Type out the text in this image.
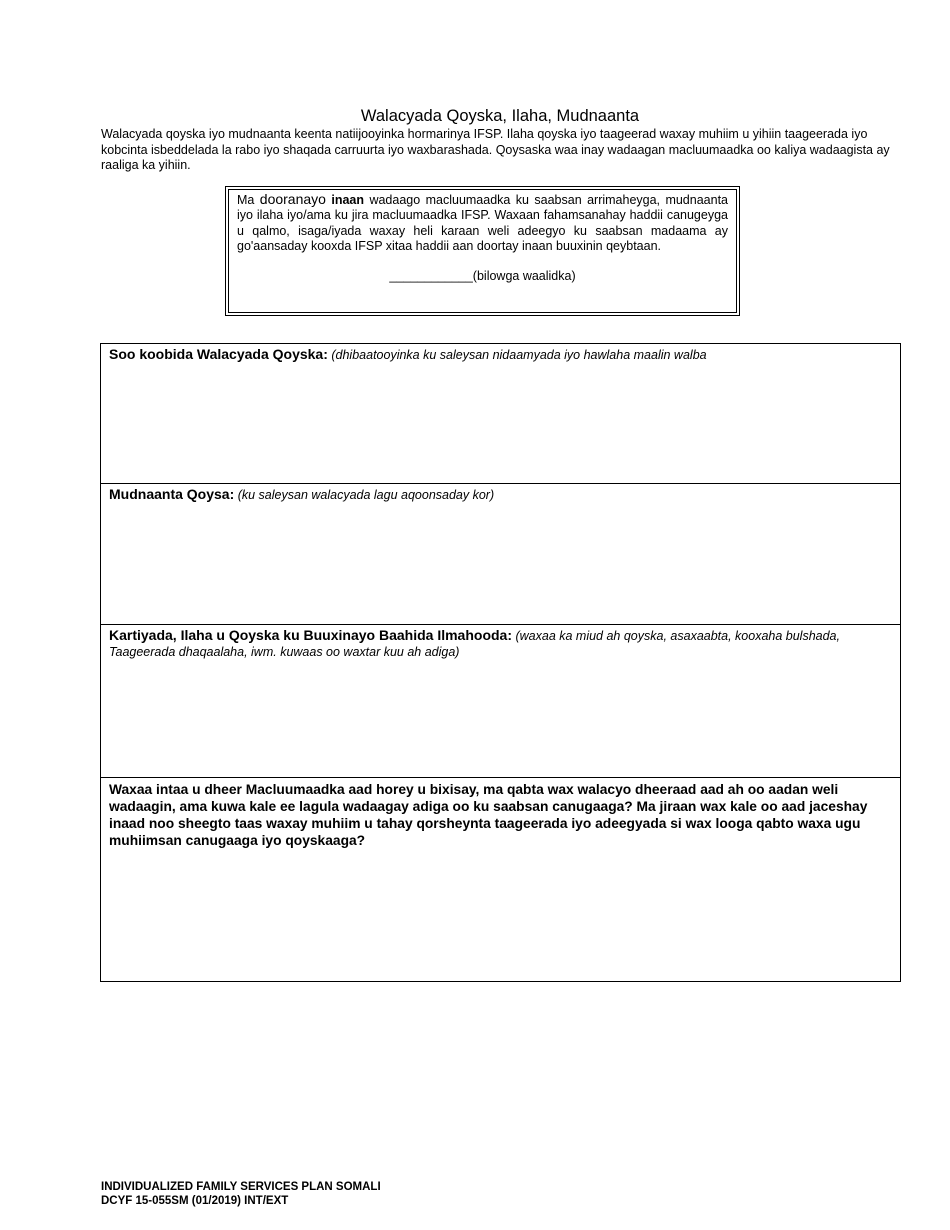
Walacyada Qoyska, Ilaha, Mudnaanta
Walacyada qoyska iyo mudnaanta keenta natiijooyinka hormarinya IFSP. Ilaha qoyska iyo taageerad waxay muhiim u yihiin taageerada iyo kobcinta isbeddelada la rabo iyo shaqada carruurta iyo waxbarashada. Qoysaska waa inay wadaagan macluumaadka oo kaliya wadaagista ay raaliga ka yihiin.

Ma dooranayo inaan wadaago macluumaadka ku saabsan arrimaheyga, mudnaanta iyo ilaha iyo/ama ku jira macluumaadka IFSP. Waxaan fahamsanahay haddii canugeyga u qalmo, isaga/iyada waxay heli karaan weli adeegyo ku saabsan madaama ay go'aansaday kooxda IFSP xitaa haddii aan doortay inaan buuxinin qeybtaan.

____________(bilowga waalidka)
Soo koobida Walacyada Qoyska: (dhibaatooyinka ku saleysan nidaamyada iyo hawlaha maalin walba
Mudnaanta Qoysa: (ku saleysan walacyada lagu aqoonsaday kor)
Kartiyada, Ilaha u Qoyska ku Buuxinayo Baahida Ilmahooda: (waxaa ka miud ah qoyska, asaxaabta, kooxaha bulshada, Taageerada dhaqaalaha, iwm. kuwaas oo waxtar kuu ah adiga)
Waxaa intaa u dheer Macluumaadka aad horey u bixisay, ma qabta wax walacyo dheeraad aad ah oo aadan weli wadaagin, ama kuwa kale ee lagula wadaagay adiga oo ku saabsan canugaaga? Ma jiraan wax kale oo aad jaceshay inaad noo sheegto taas waxay muhiim u tahay qorsheynta taageerada iyo adeegyada si wax looga qabto waxa ugu muhiimsan canugaaga iyo qoyskaaga?
INDIVIDUALIZED FAMILY SERVICES PLAN SOMALI
DCYF 15-055SM (01/2019) INT/EXT
